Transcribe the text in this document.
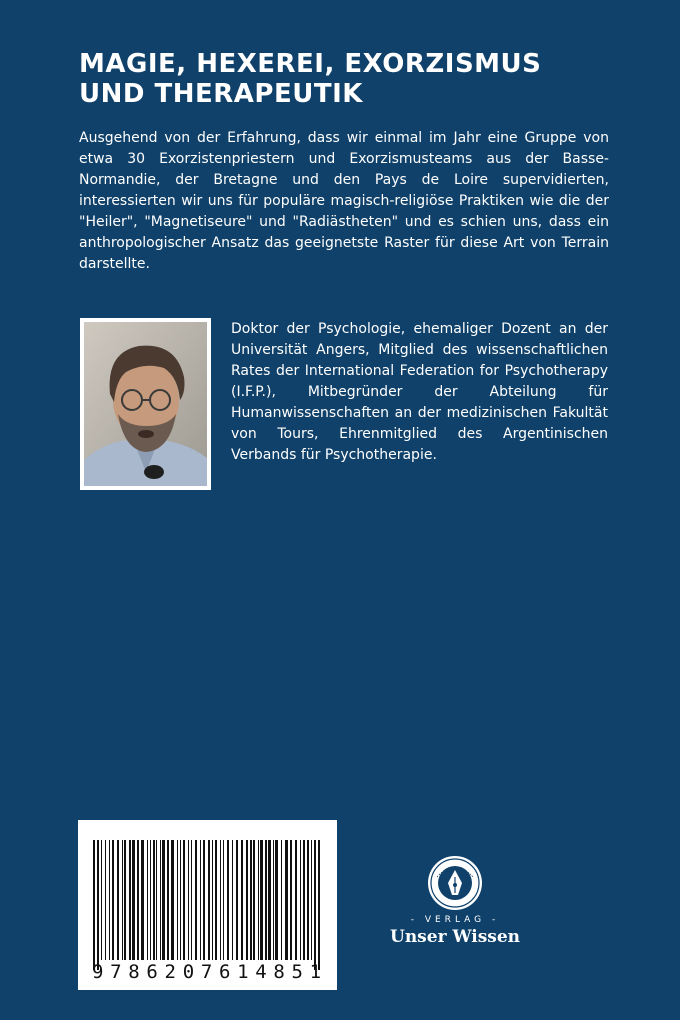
MAGIE, HEXEREI, EXORZISMUS
UND THERAPEUTIK

Ausgehend von der Erfahrung, dass wir einmal im Jahr eine Gruppe von etwa 30 Exorzistenpriestern und Exorzismusteams aus der Basse-Normandie, der Bretagne und den Pays de Loire supervidierten, interessierten wir uns für populäre magisch-religiöse Praktiken wie die der "Heiler", "Magnetiseure" und "Radiästheten" und es schien uns, dass ein anthropologischer Ansatz das geeignetste Raster für diese Art von Terrain darstellte.

Doktor der Psychologie, ehemaliger Dozent an der Universität Angers, Mitglied des wissenschaftlichen Rates der International Federation for Psychotherapy (I.F.P.), Mitbegründer der Abteilung für Humanwissenschaften an der medizinischen Fakultät von Tours, Ehrenmitglied des Argentinischen Verbands für Psychotherapie.

9786207614851
- VERLAG -
Unser Wissen
